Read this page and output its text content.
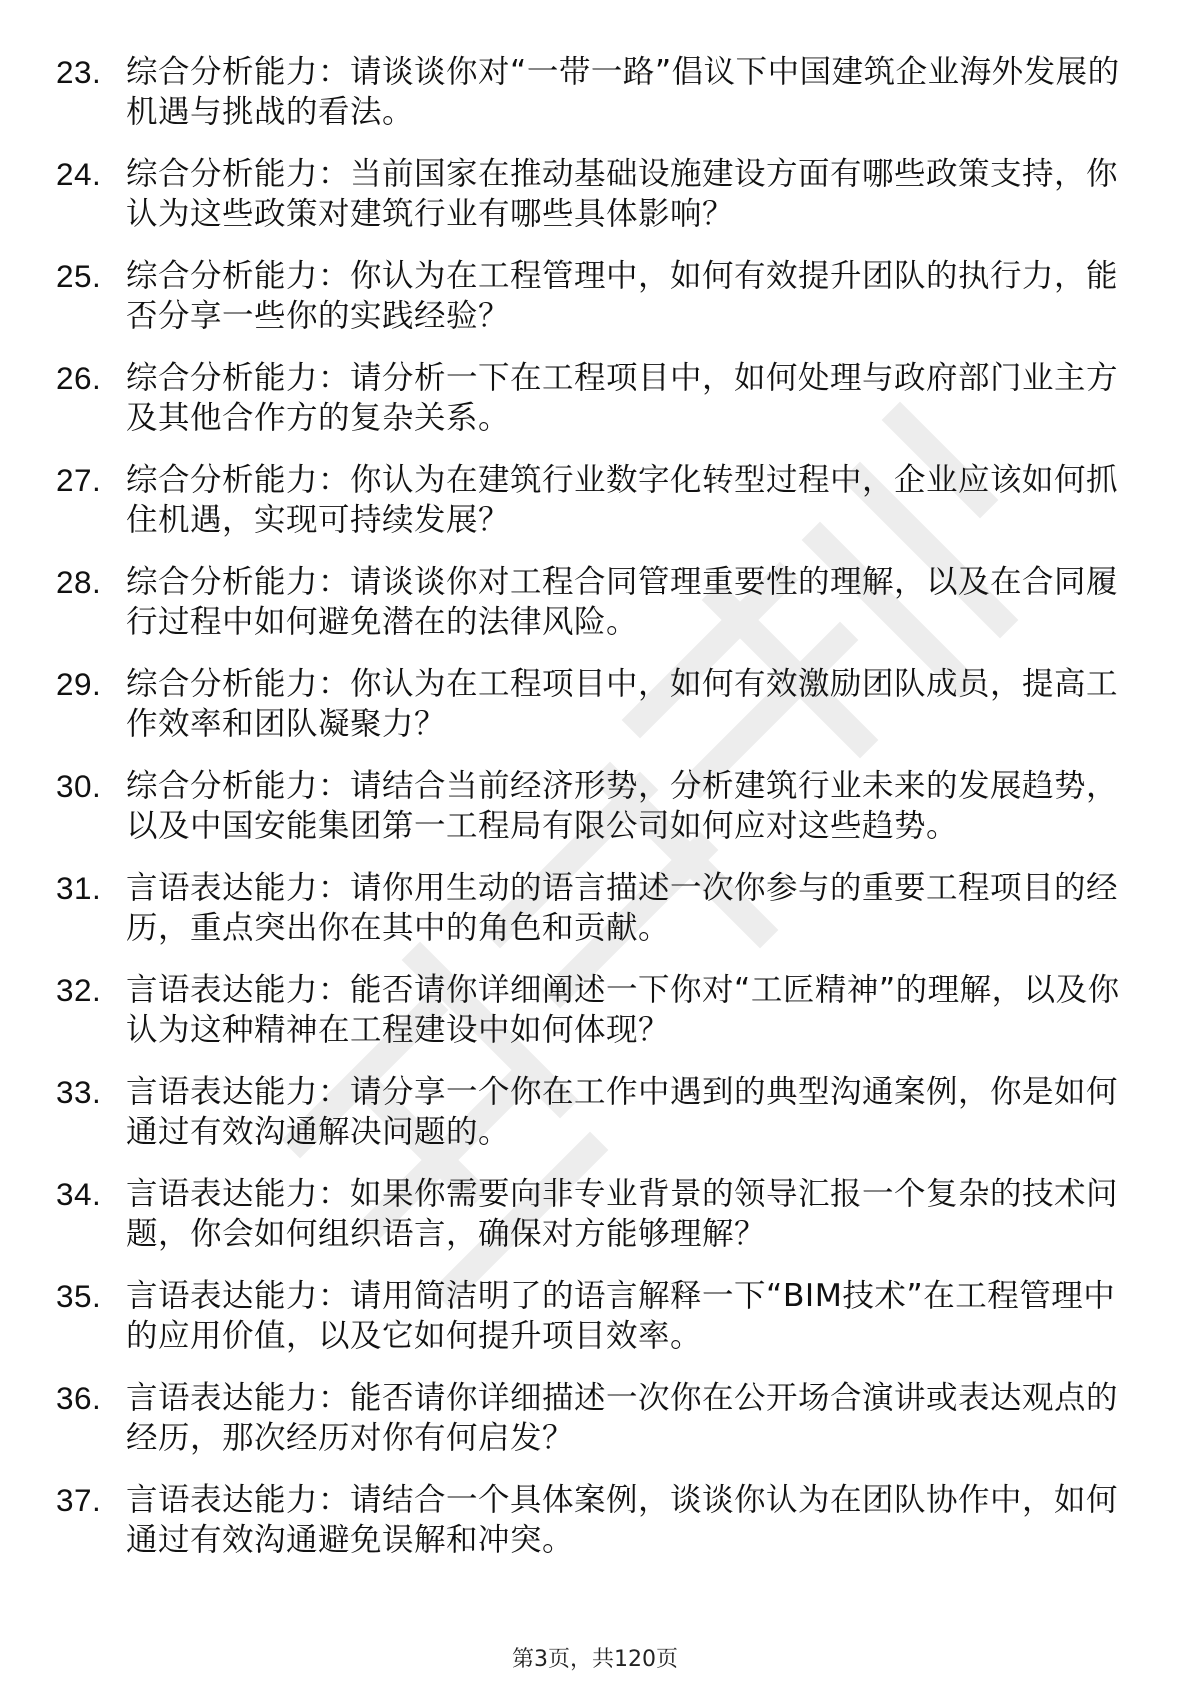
23. 综合分析能力：请谈谈你对“一带一路”倡议下中国建筑企业海外发展的机遇与挑战的看法。
24. 综合分析能力：当前国家在推动基础设施建设方面有哪些政策支持，你认为这些政策对建筑行业有哪些具体影响？
25. 综合分析能力：你认为在工程管理中，如何有效提升团队的执行力，能否分享一些你的实践经验？
26. 综合分析能力：请分析一下在工程项目中，如何处理与政府部门业主方及其他合作方的复杂关系。
27. 综合分析能力：你认为在建筑行业数字化转型过程中，企业应该如何抓住机遇，实现可持续发展？
28. 综合分析能力：请谈谈你对工程合同管理重要性的理解，以及在合同履行过程中如何避免潜在的法律风险。
29. 综合分析能力：你认为在工程项目中，如何有效激励团队成员，提高工作效率和团队凝聚力？
30. 综合分析能力：请结合当前经济形势，分析建筑行业未来的发展趋势，以及中国安能集团第一工程局有限公司如何应对这些趋势。
31. 言语表达能力：请你用生动的语言描述一次你参与的重要工程项目的经历，重点突出你在其中的角色和贡献。
32. 言语表达能力：能否请你详细阐述一下你对“工匠精神”的理解，以及你认为这种精神在工程建设中如何体现？
33. 言语表达能力：请分享一个你在工作中遇到的典型沟通案例，你是如何通过有效沟通解决问题的。
34. 言语表达能力：如果你需要向非专业背景的领导汇报一个复杂的技术问题，你会如何组织语言，确保对方能够理解？
35. 言语表达能力：请用简洁明了的语言解释一下“BIM技术”在工程管理中的应用价值，以及它如何提升项目效率。
36. 言语表达能力：能否请你详细描述一次你在公开场合演讲或表达观点的经历，那次经历对你有何启发？
37. 言语表达能力：请结合一个具体案例，谈谈你认为在团队协作中，如何通过有效沟通避免误解和冲突。
第3页，共120页
